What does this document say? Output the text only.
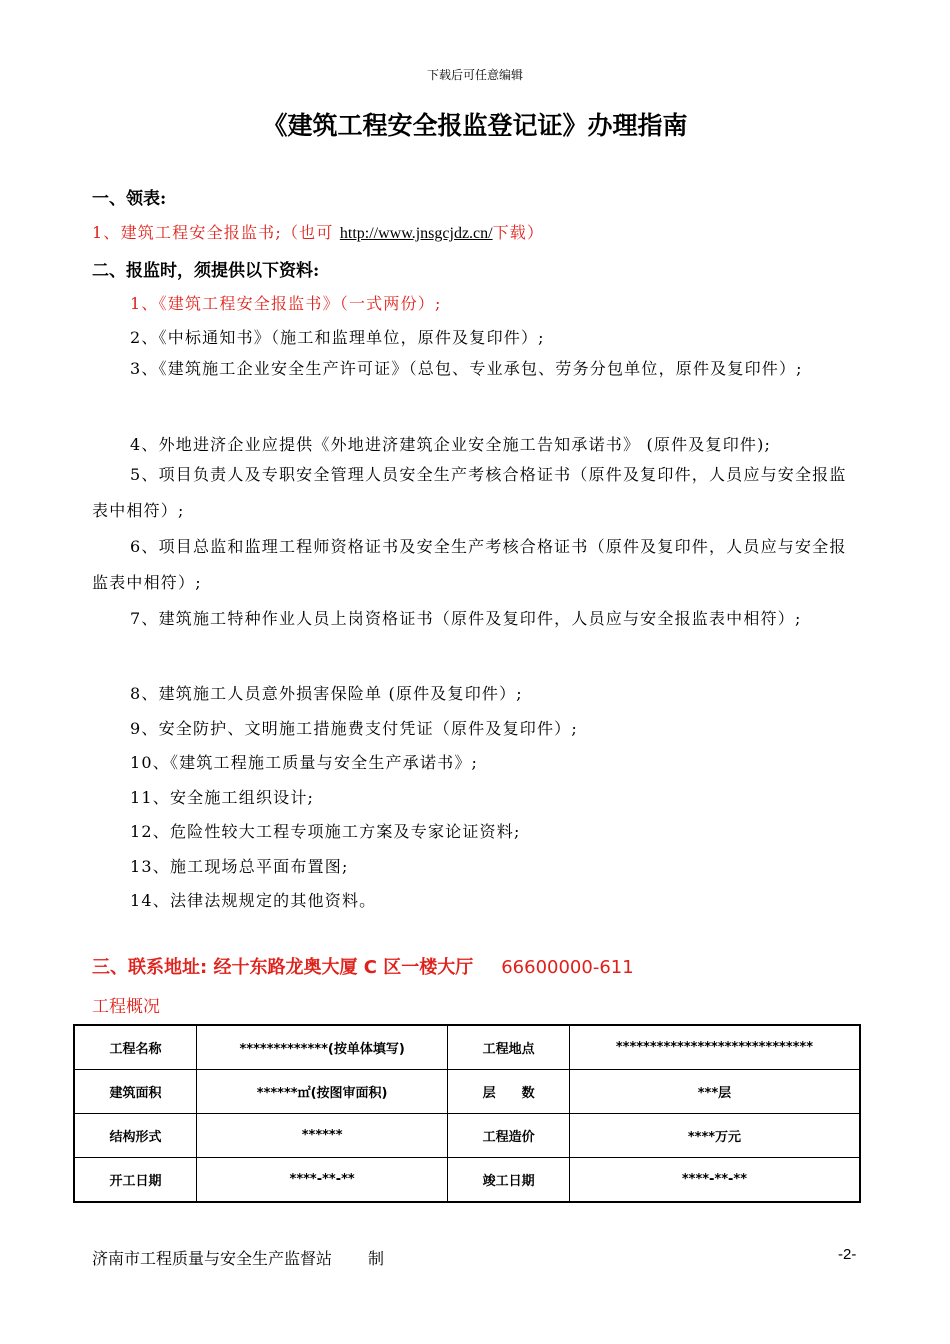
下载后可任意编辑
《建筑工程安全报监登记证》办理指南
一、领表:
1、建筑工程安全报监书;（也可 http://www.jnsgcjdz.cn/下载）
二、报监时，须提供以下资料:
1、《建筑工程安全报监书》（一式两份）;
2、《中标通知书》（施工和监理单位，原件及复印件）;
3、《建筑施工企业安全生产许可证》（总包、专业承包、劳务分包单位，原件及复印件）;
4、外地进济企业应提供《外地进济建筑企业安全施工告知承诺书》 (原件及复印件);
5、项目负责人及专职安全管理人员安全生产考核合格证书（原件及复印件，人员应与安全报监表中相符）;
6、项目总监和监理工程师资格证书及安全生产考核合格证书（原件及复印件，人员应与安全报监表中相符）;
7、建筑施工特种作业人员上岗资格证书（原件及复印件，人员应与安全报监表中相符）;
8、建筑施工人员意外损害保险单 (原件及复印件）;
9、安全防护、文明施工措施费支付凭证（原件及复印件）;
10、《建筑工程施工质量与安全生产承诺书》;
11、安全施工组织设计;
12、危险性较大工程专项施工方案及专家论证资料;
13、施工现场总平面布置图;
14、法律法规规定的其他资料。
三、联系地址: 经十东路龙奥大厦 C 区一楼大厅 66600000-611
工程概况
工程名称	*************(按单体填写)	工程地点	*****************************
建筑面积	******㎡(按图审面积)	层　　数	***层
结构形式	******	工程造价	****万元
开工日期	****-**-**	竣工日期	****-**-**
济南市工程质量与安全生产监督站 制	-2-
